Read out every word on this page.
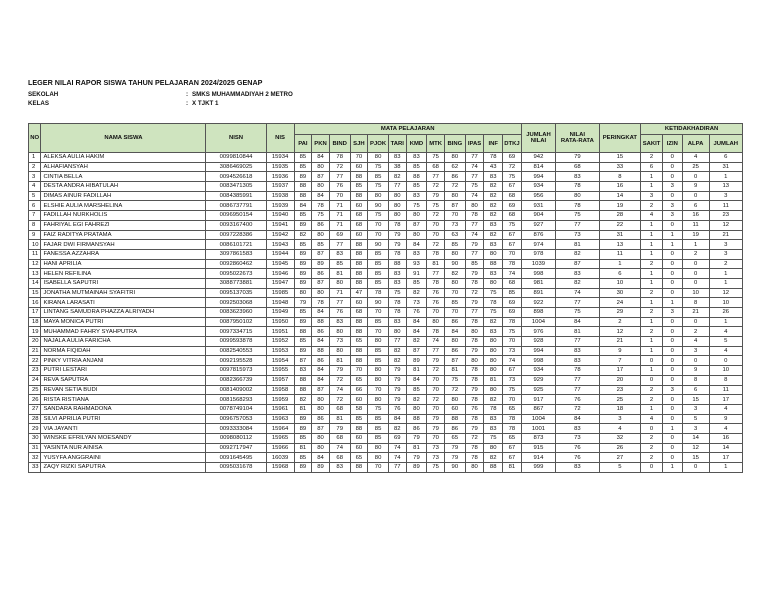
LEGER NILAI RAPOR SISWA TAHUN PELAJARAN 2024/2025 GENAP
SEKOLAH	: SMKS MUHAMMADIYAH 2 METRO
KELAS	: X TJKT 1
NO	NAMA SISWA	NISN	NIS	MATA PELAJARAN												JUMLAH
NILAI	NILAI
RATA-RATA	PERINGKAT	KETIDAKHADIRAN			
				PAI	PKN	BIND	SJH	PJOK	TARI	KMD	MTK	BING	IPAS	INF	DTKJ							
																			SAKIT	IZIN	ALPA	JUMLAH
1	ALEKSA AULIA HAKIM	0099810844	15934	85	84	78	70	80	83	83	75	80	77	78	69	942	79	15	2	0	4	6
2	ALHAFIANSYAH	3086469025	15935	85	80	72	60	75	38	85	68	62	74	43	72	814	68	33	6	0	25	31
3	CINTIA BELLA	0094526618	15936	89	87	77	88	85	82	88	77	86	77	83	75	994	83	8	1	0	0	1
4	DESTA ANDRA HIBATULAH	0083471305	15937	88	80	76	85	75	77	85	72	72	75	82	67	934	78	16	1	3	9	13
5	DIMAS AINUR FADILLAH	0084385991	15938	88	84	70	88	80	80	83	79	80	74	82	68	956	80	14	3	0	0	3
6	ELSHIE AULIA MARSHELINA	0086737791	15939	84	78	71	60	90	80	75	75	87	80	82	69	931	78	19	2	3	6	11
7	FADILLAH NURKHOLIS	0096950154	15940	85	75	71	68	75	80	80	72	70	78	82	68	904	75	28	4	3	16	23
8	FAHRIYAL EGI FAHREZI	0093167400	15941	89	86	71	68	70	78	87	70	73	77	83	75	927	77	22	1	0	11	12
9	FAIZ RADITYA PRATAMA	0097228386	15942	82	80	69	60	70	79	80	70	63	74	82	67	876	73	31	1	1	19	21
10	FAJAR DWI FIRMANSYAH	0086101721	15943	85	85	77	88	90	79	84	72	85	79	83	67	974	81	13	1	1	1	3
11	FANESSA AZZAHRA	3097861583	15944	89	87	83	88	85	78	83	78	80	77	80	70	978	82	11	1	0	2	3
12	HANI APRILIA	0092860462	15945	89	89	85	88	85	88	93	81	90	85	88	78	1039	87	1	2	0	0	2
13	HELEN REFILINA	0095022673	15946	89	86	81	88	85	83	91	77	82	79	83	74	998	83	6	1	0	0	1
14	ISABELLA SAPUTRI	3088773881	15947	89	87	80	88	85	83	85	78	80	78	80	68	981	82	10	1	0	0	1
15	JONATHA MUTMAINAH SYAFITRI	0095137035	15985	80	80	71	47	78	75	82	76	70	72	75	85	891	74	30	2	0	10	12
16	KIRANA LARASATI	0092503068	15948	79	78	77	60	90	78	73	76	85	79	78	69	922	77	24	1	1	8	10
17	LINTANG SAMUDRA PHAZZA ALRIYADH	0083623960	15949	85	84	76	68	70	78	76	70	70	77	75	69	898	75	29	2	3	21	26
18	MAYA MONICA PUTRI	0087950102	15950	89	88	83	88	85	83	84	80	86	78	82	78	1004	84	2	1	0	0	1
19	MUHAMMAD FAHRY SYAHPUTRA	0097334715	15951	88	86	80	88	70	80	84	78	84	80	83	75	976	81	12	2	0	2	4
20	NAJALA AULIA FARICHA	0099593878	15952	85	84	73	65	80	77	82	74	80	78	80	70	928	77	21	1	0	4	5
21	NORMA FIQIDAH	0082540553	15953	89	88	80	88	85	82	87	77	86	79	80	73	994	83	9	1	0	3	4
22	PINKY VITRIA ANJANI	0092195528	15954	87	86	81	88	85	82	89	79	87	80	80	74	998	83	7	0	0	0	0
23	PUTRI LESTARI	0097815973	15955	83	84	79	70	80	79	81	72	81	78	80	67	934	78	17	1	0	9	10
24	REVA SAPUTRA	0082366739	15957	88	84	72	65	80	79	84	70	75	78	81	73	929	77	20	0	0	8	8
25	REVAN SETIA BUDI	0081409002	15958	88	87	74	66	70	79	85	70	72	79	80	75	925	77	23	2	3	6	11
26	RISTA RISTIANA	0081568293	15959	82	80	72	60	80	79	82	72	80	78	82	70	917	76	25	2	0	15	17
27	SANDARA RAHMADONA	0078749104	15961	81	80	68	58	75	76	80	70	60	76	78	65	867	72	18	1	0	3	4
28	SILVI APRILIA PUTRI	0096757053	15963	89	86	81	85	85	84	88	79	88	78	83	78	1004	84	3	4	0	5	9
29	VIA JAYANTI	0093333084	15964	89	87	79	88	85	82	86	79	86	79	83	78	1001	83	4	0	1	3	4
30	WINSKE EFRILYAN MOESANDY	0098080112	15965	85	80	68	60	85	69	79	70	65	72	75	65	873	73	32	2	0	14	16
31	YASINTA NUR AINISA	0092717947	15966	81	80	74	60	80	74	81	73	79	78	80	67	915	76	26	2	0	12	14
32	YUSYFA ANGGRAINI	0091645495	16039	85	84	68	65	80	74	79	73	79	78	82	67	914	76	27	2	0	15	17
33	ZAQY RIZKI SAPUTRA	0095031678	15968	89	89	83	88	70	77	89	75	90	80	88	81	999	83	5	0	1	0	1
